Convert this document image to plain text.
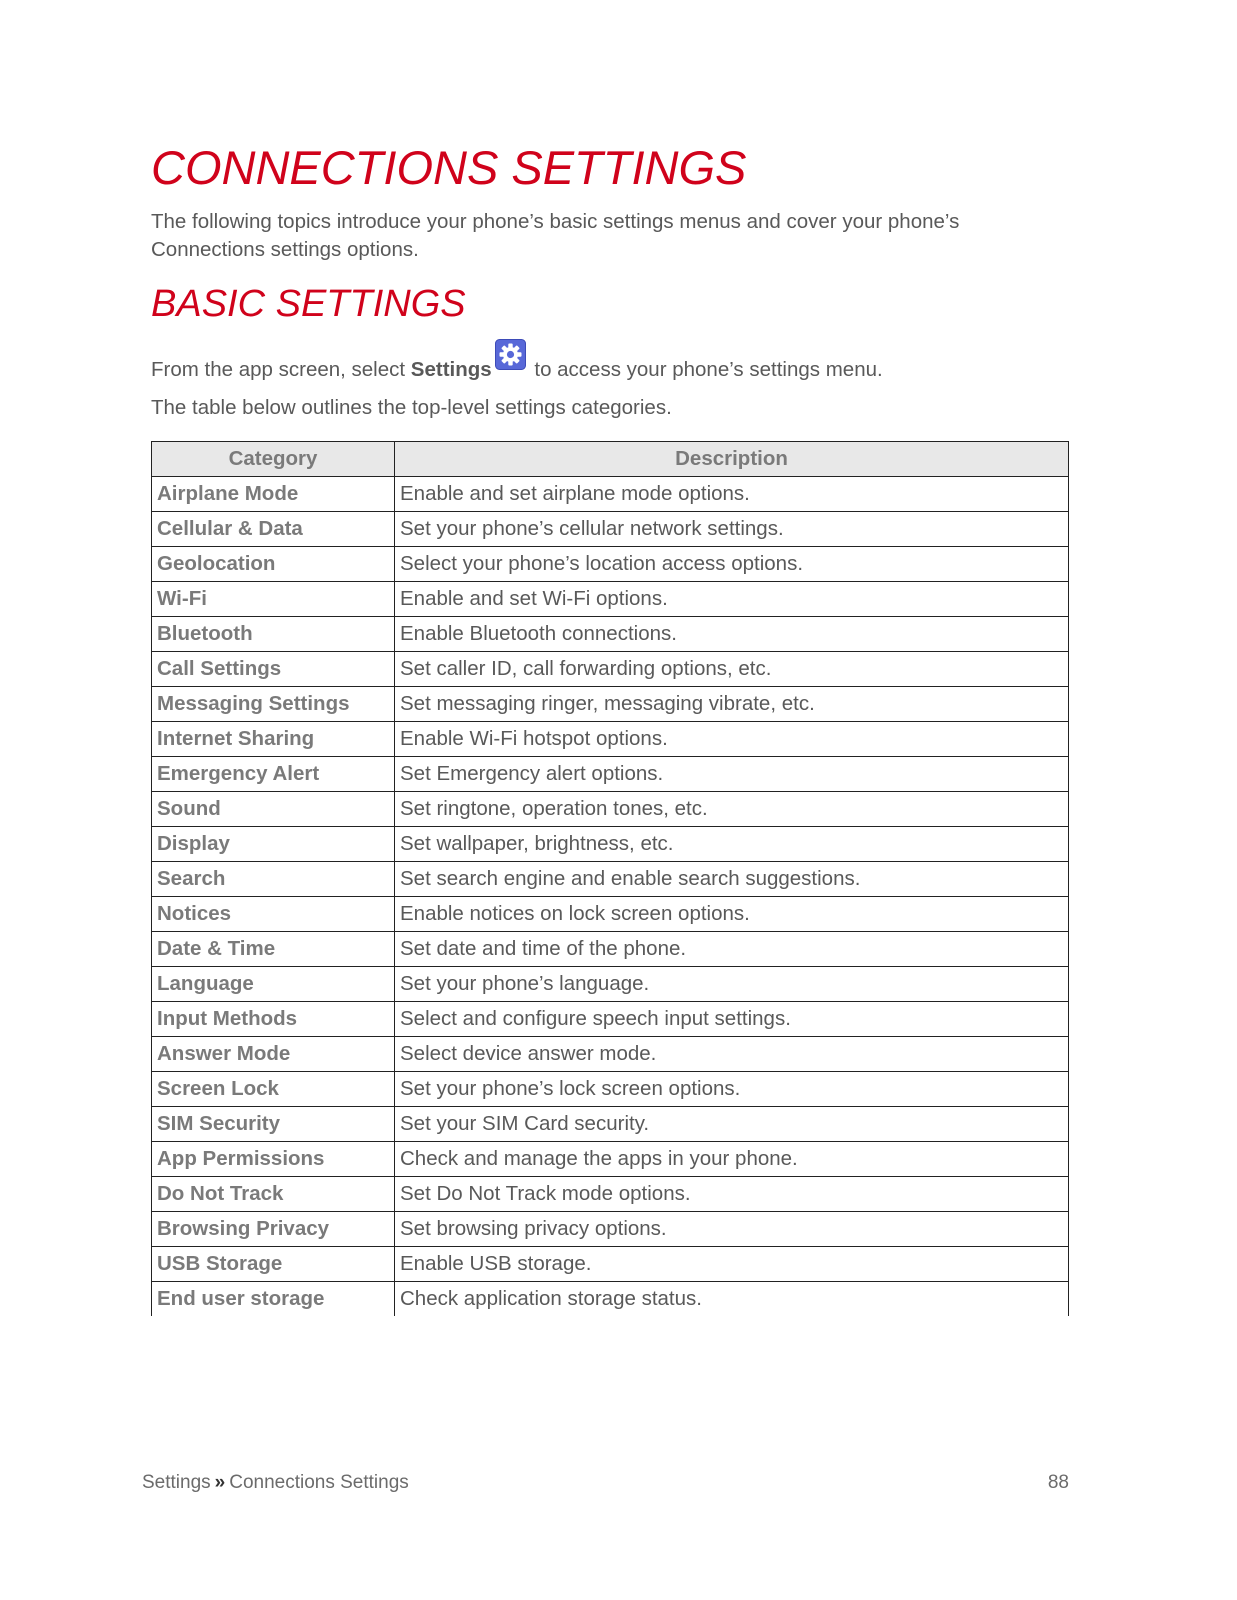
CONNECTIONS SETTINGS

The following topics introduce your phone’s basic settings menus and cover your phone’s Connections settings options.

BASIC SETTINGS

From the app screen, select Settings to access your phone’s settings menu.

The table below outlines the top-level settings categories.

Category	Description
Airplane Mode	Enable and set airplane mode options.
Cellular & Data	Set your phone’s cellular network settings.
Geolocation	Select your phone’s location access options.
Wi-Fi	Enable and set Wi-Fi options.
Bluetooth	Enable Bluetooth connections.
Call Settings	Set caller ID, call forwarding options, etc.
Messaging Settings	Set messaging ringer, messaging vibrate, etc.
Internet Sharing	Enable Wi-Fi hotspot options.
Emergency Alert	Set Emergency alert options.
Sound	Set ringtone, operation tones, etc.
Display	Set wallpaper, brightness, etc.
Search	Set search engine and enable search suggestions.
Notices	Enable notices on lock screen options.
Date & Time	Set date and time of the phone.
Language	Set your phone’s language.
Input Methods	Select and configure speech input settings.
Answer Mode	Select device answer mode.
Screen Lock	Set your phone’s lock screen options.
SIM Security	Set your SIM Card security.
App Permissions	Check and manage the apps in your phone.
Do Not Track	Set Do Not Track mode options.
Browsing Privacy	Set browsing privacy options.
USB Storage	Enable USB storage.
End user storage	Check application storage status.
Settings » Connections Settings	88
